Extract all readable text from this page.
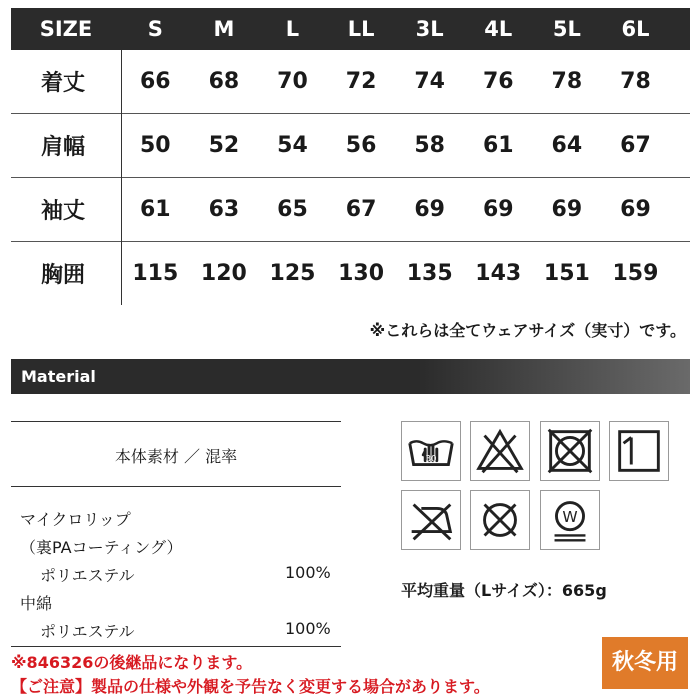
SIZE	S	M	L	LL	3L	4L	5L	6L
着丈	66	68	70	72	74	76	78	78
肩幅	50	52	54	56	58	61	64	67
袖丈	61	63	65	67	69	69	69	69
胸囲	115	120	125	130	135	143	151	159
※これらは全てウェアサイズ（実寸）です。
Material
本体素材 ／ 混率
マイクロリップ
（裏PAコーティング）
ポリエステル	100%
中綿
ポリエステル	100%
30
W
平均重量（Lサイズ）：665g
※846326の後継品になります。
【ご注意】製品の仕様や外観を予告なく変更する場合があります。
秋冬用
